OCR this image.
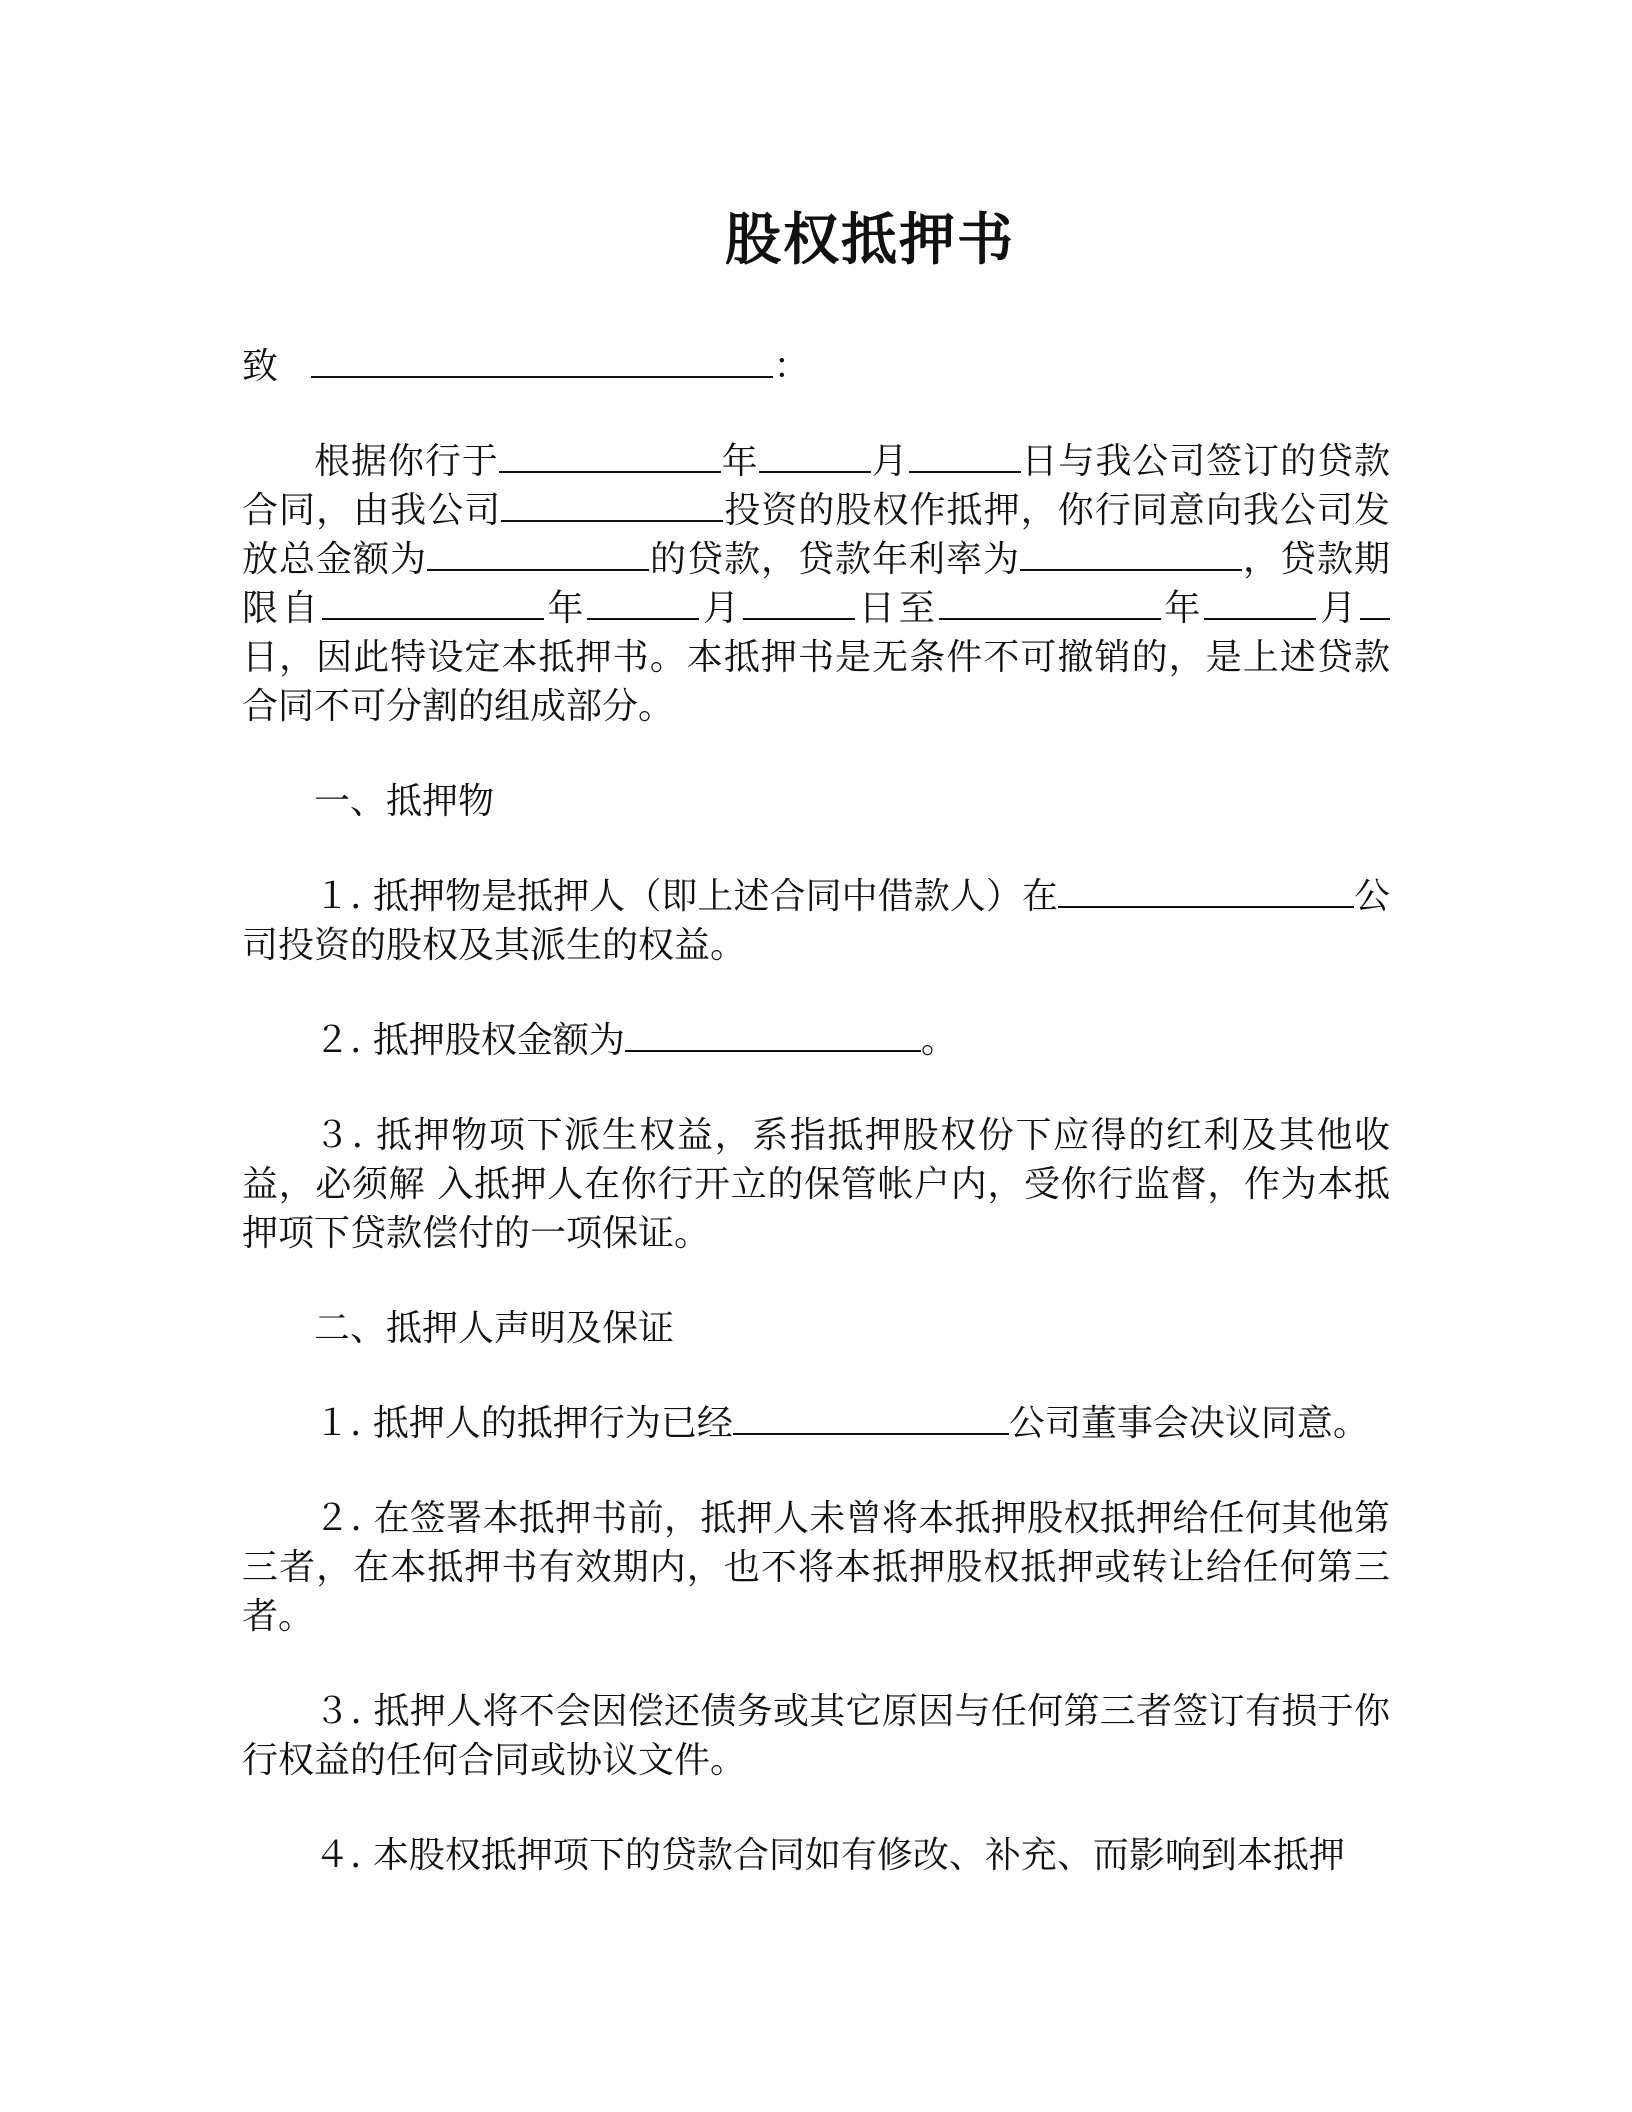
股权抵押书

致	：

根据你行于	年	月	日与我公司签订的贷款合同，由我公司	投资的股权作抵押，你行同意向我公司发放总金额为	的贷款，贷款年利率为	，贷款期限自	年	月	日至	年	月日，因此特设定本抵押书。本抵押书是无条件不可撤销的，是上述贷款合同不可分割的组成部分。

一、抵押物

１. 抵押物是抵押人（即上述合同中借款人）在	公司投资的股权及其派生的权益。

２. 抵押股权金额为	。

３. 抵押物项下派生权益，系指抵押股权份下应得的红利及其他收益，必须解 入抵押人在你行开立的保管帐户内，受你行监督，作为本抵押项下贷款偿付的一项保证。

二、抵押人声明及保证

１. 抵押人的抵押行为已经	公司董事会决议同意。

２. 在签署本抵押书前，抵押人未曾将本抵押股权抵押给任何其他第三者，在本抵押书有效期内，也不将本抵押股权抵押或转让给任何第三者。

３. 抵押人将不会因偿还债务或其它原因与任何第三者签订有损于你行权益的任何合同或协议文件。

４. 本股权抵押项下的贷款合同如有修改、补充、而影响到本抵押
